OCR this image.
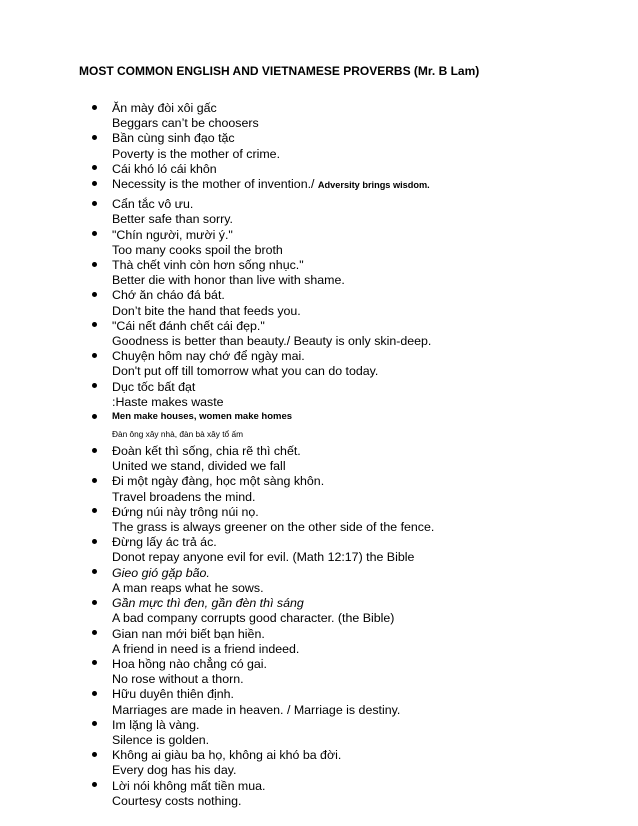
MOST COMMON ENGLISH AND VIETNAMESE PROVERBS (Mr. B Lam)
Ăn mày đòi xôi gấc
Beggars can’t be choosers
Bần cùng sinh đạo tặc
Poverty is the mother of crime.
Cái khó ló cái khôn
Necessity is the mother of invention./ Adversity brings wisdom.
Cẩn tắc vô ưu.
Better safe than sorry.
"Chín người, mười ý."
Too many cooks spoil the broth
Thà chết vinh còn hơn sống nhục."
Better die with honor than live with shame.
Chớ ăn cháo đá bát.
Don’t bite the hand that feeds you.
"Cái nết đánh chết cái đẹp."
Goodness is better than beauty./ Beauty is only skin-deep.
Chuyện hôm nay chớ để ngày mai.
Don't put off till tomorrow what you can do today.
Dục tốc bất đạt
:Haste makes waste
Men make houses, women make homes
Đàn ông xây nhà, đàn bà xây tổ ấm
Đoàn kết thì sống, chia rẽ thì chết.
United we stand, divided we fall
Đi một ngày đàng, học một sàng khôn.
Travel broadens the mind.
Đứng núi này trông núi nọ.
The grass is always greener on the other side of the fence.
Đừng lấy ác trả ác.
Donot repay anyone evil for evil. (Math 12:17) the Bible
Gieo gió gặp bão.
A man reaps what he sows.
Gần mực thì đen, gần đèn thì sáng
A bad company corrupts good character. (the Bible)
Gian nan mới biết bạn hiền.
A friend in need is a friend indeed.
Hoa hồng nào chẳng có gai.
No rose without a thorn.
Hữu duyên thiên định.
Marriages are made in heaven. / Marriage is destiny.
Im lặng là vàng.
Silence is golden.
Không ai giàu ba họ, không ai khó ba đời.
Every dog has his day.
Lời nói không mất tiền mua.
Courtesy costs nothing.
